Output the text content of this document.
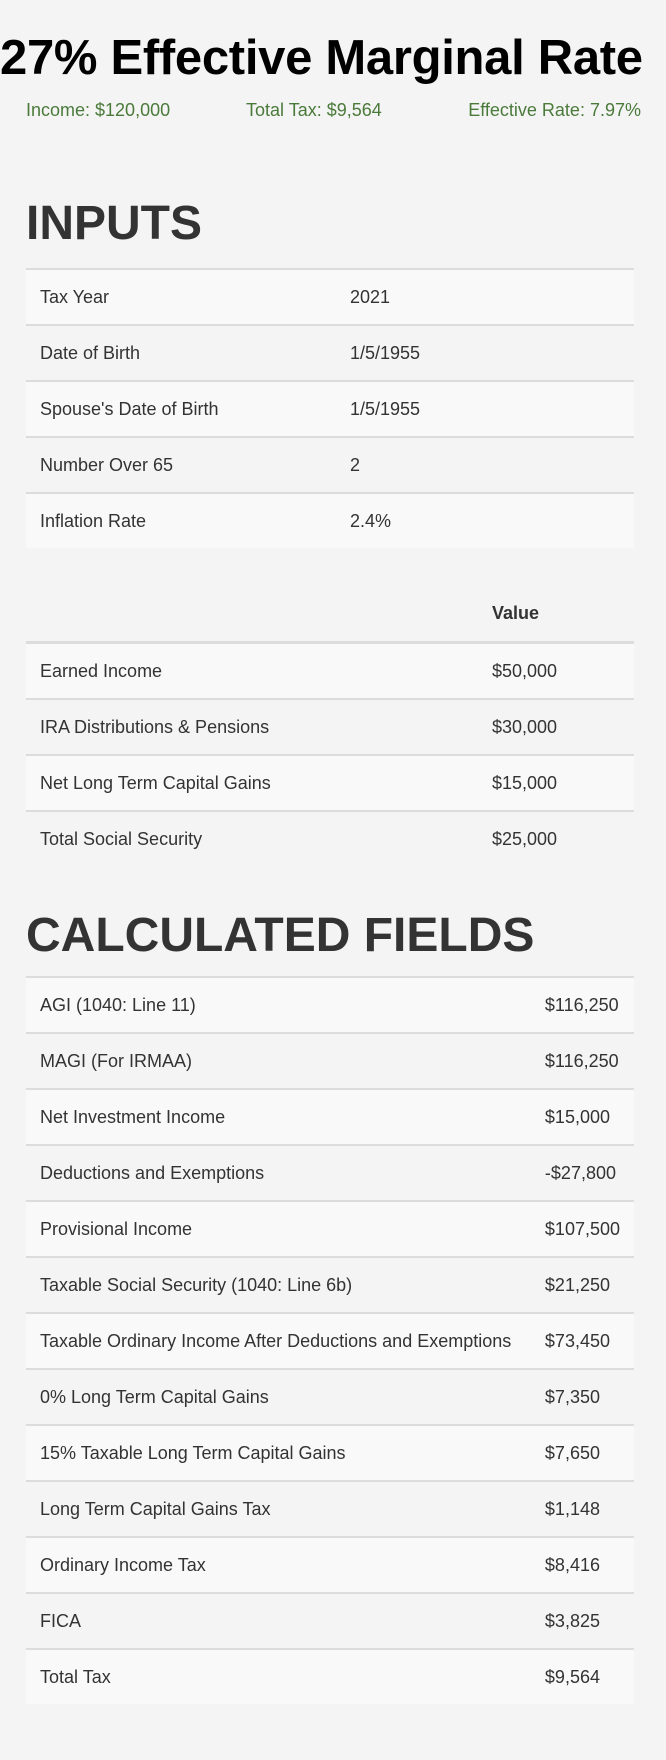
27% Effective Marginal Rate
Income: $120,000	Total Tax: $9,564	Effective Rate: 7.97%
INPUTS
Tax Year	2021
Date of Birth	1/5/1955
Spouse's Date of Birth	1/5/1955
Number Over 65	2
Inflation Rate	2.4%
	Value
Earned Income	$50,000
IRA Distributions & Pensions	$30,000
Net Long Term Capital Gains	$15,000
Total Social Security	$25,000
CALCULATED FIELDS
AGI (1040: Line 11)	$116,250
MAGI (For IRMAA)	$116,250
Net Investment Income	$15,000
Deductions and Exemptions	-$27,800
Provisional Income	$107,500
Taxable Social Security (1040: Line 6b)	$21,250
Taxable Ordinary Income After Deductions and Exemptions	$73,450
0% Long Term Capital Gains	$7,350
15% Taxable Long Term Capital Gains	$7,650
Long Term Capital Gains Tax	$1,148
Ordinary Income Tax	$8,416
FICA	$3,825
Total Tax	$9,564
